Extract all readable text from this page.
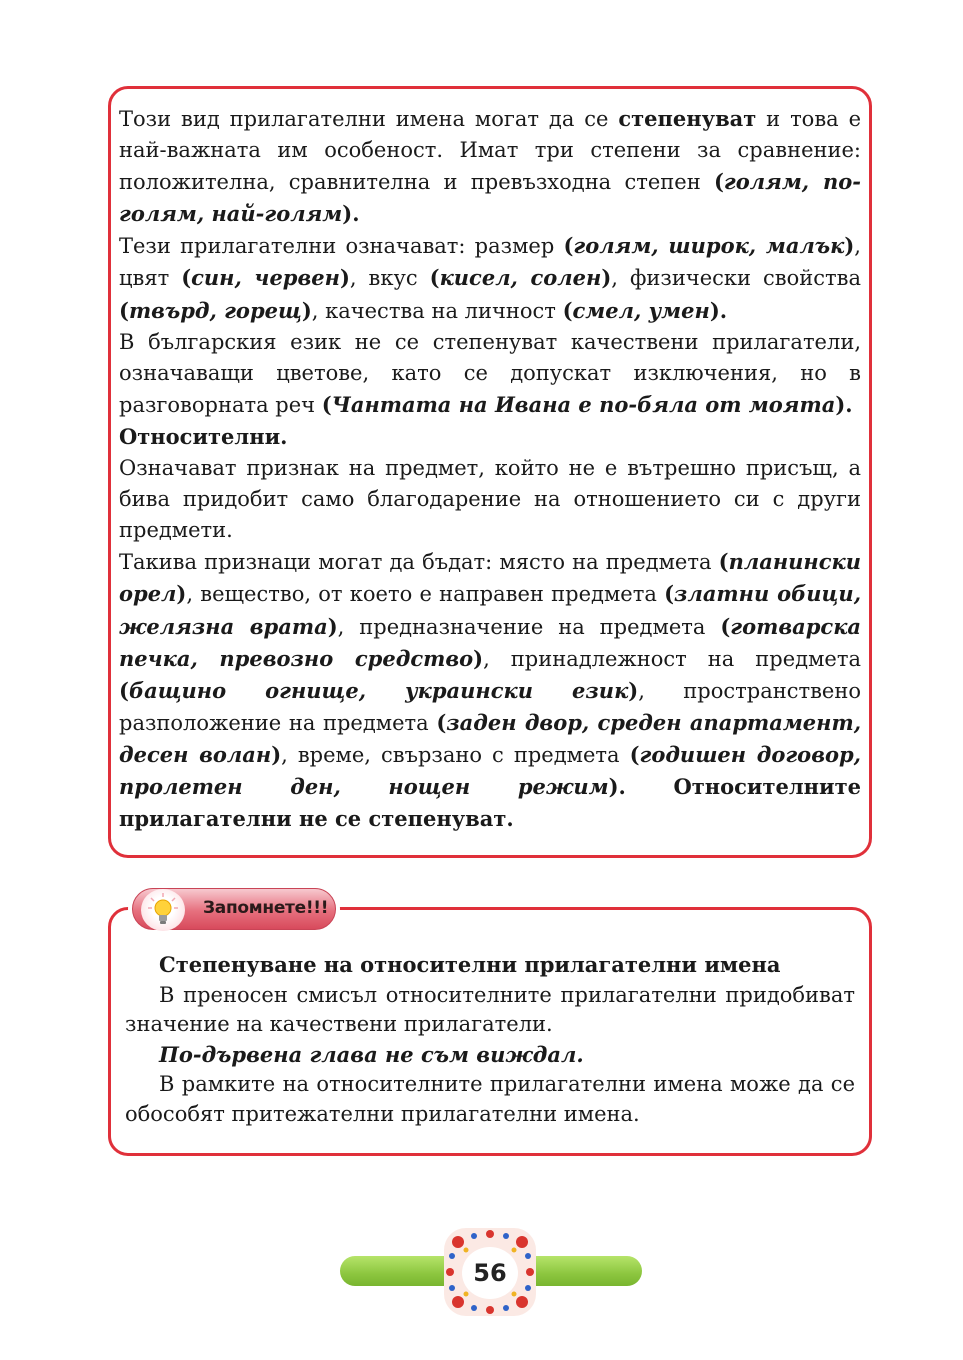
Този вид прилагателни имена могат да се степенуват и това е най-важната им особеност. Имат три степени за сравнение: положителна, сравнителна и превъзходна степен (голям, по-голям, най-голям).

Тези прилагателни означават: размер (голям, широк, малък), цвят (син, червен), вкус (кисел, солен), физически свойства (твърд, горещ), качества на личност (смел, умен).

В българския език не се степенуват качествени прилагатели, означаващи цветове, като се допускат изключения, но в разговорната реч (Чантата на Ивана е по-бяла от моята).

Относителни.

Означават признак на предмет, който не е вътрешно присъщ, а бива придобит само благодарение на отношението си с други предмети.

Такива признаци могат да бъдат: място на предмета (планински орел), вещество, от което е направен предмета (златни обици, желязна врата), предназначение на предмета (готварска печка, превозно средство), принадлежност на предмета (бащино огнище, украински език), пространствено разположение на предмета (заден двор, среден апартамент, десен волан), време, свързано с предмета (годишен договор, пролетен ден, нощен режим). Относителните прилагателни не се степенуват.

Степенуване на относителни прилагателни имена

В преносен смисъл относителните прилагателни придобиват значение на качествени прилагатели.

По-дървена глава не съм виждал.

В рамките на относителните прилагателни имена може да се обособят притежателни прилагателни имена.

Запомнете!!!
56
